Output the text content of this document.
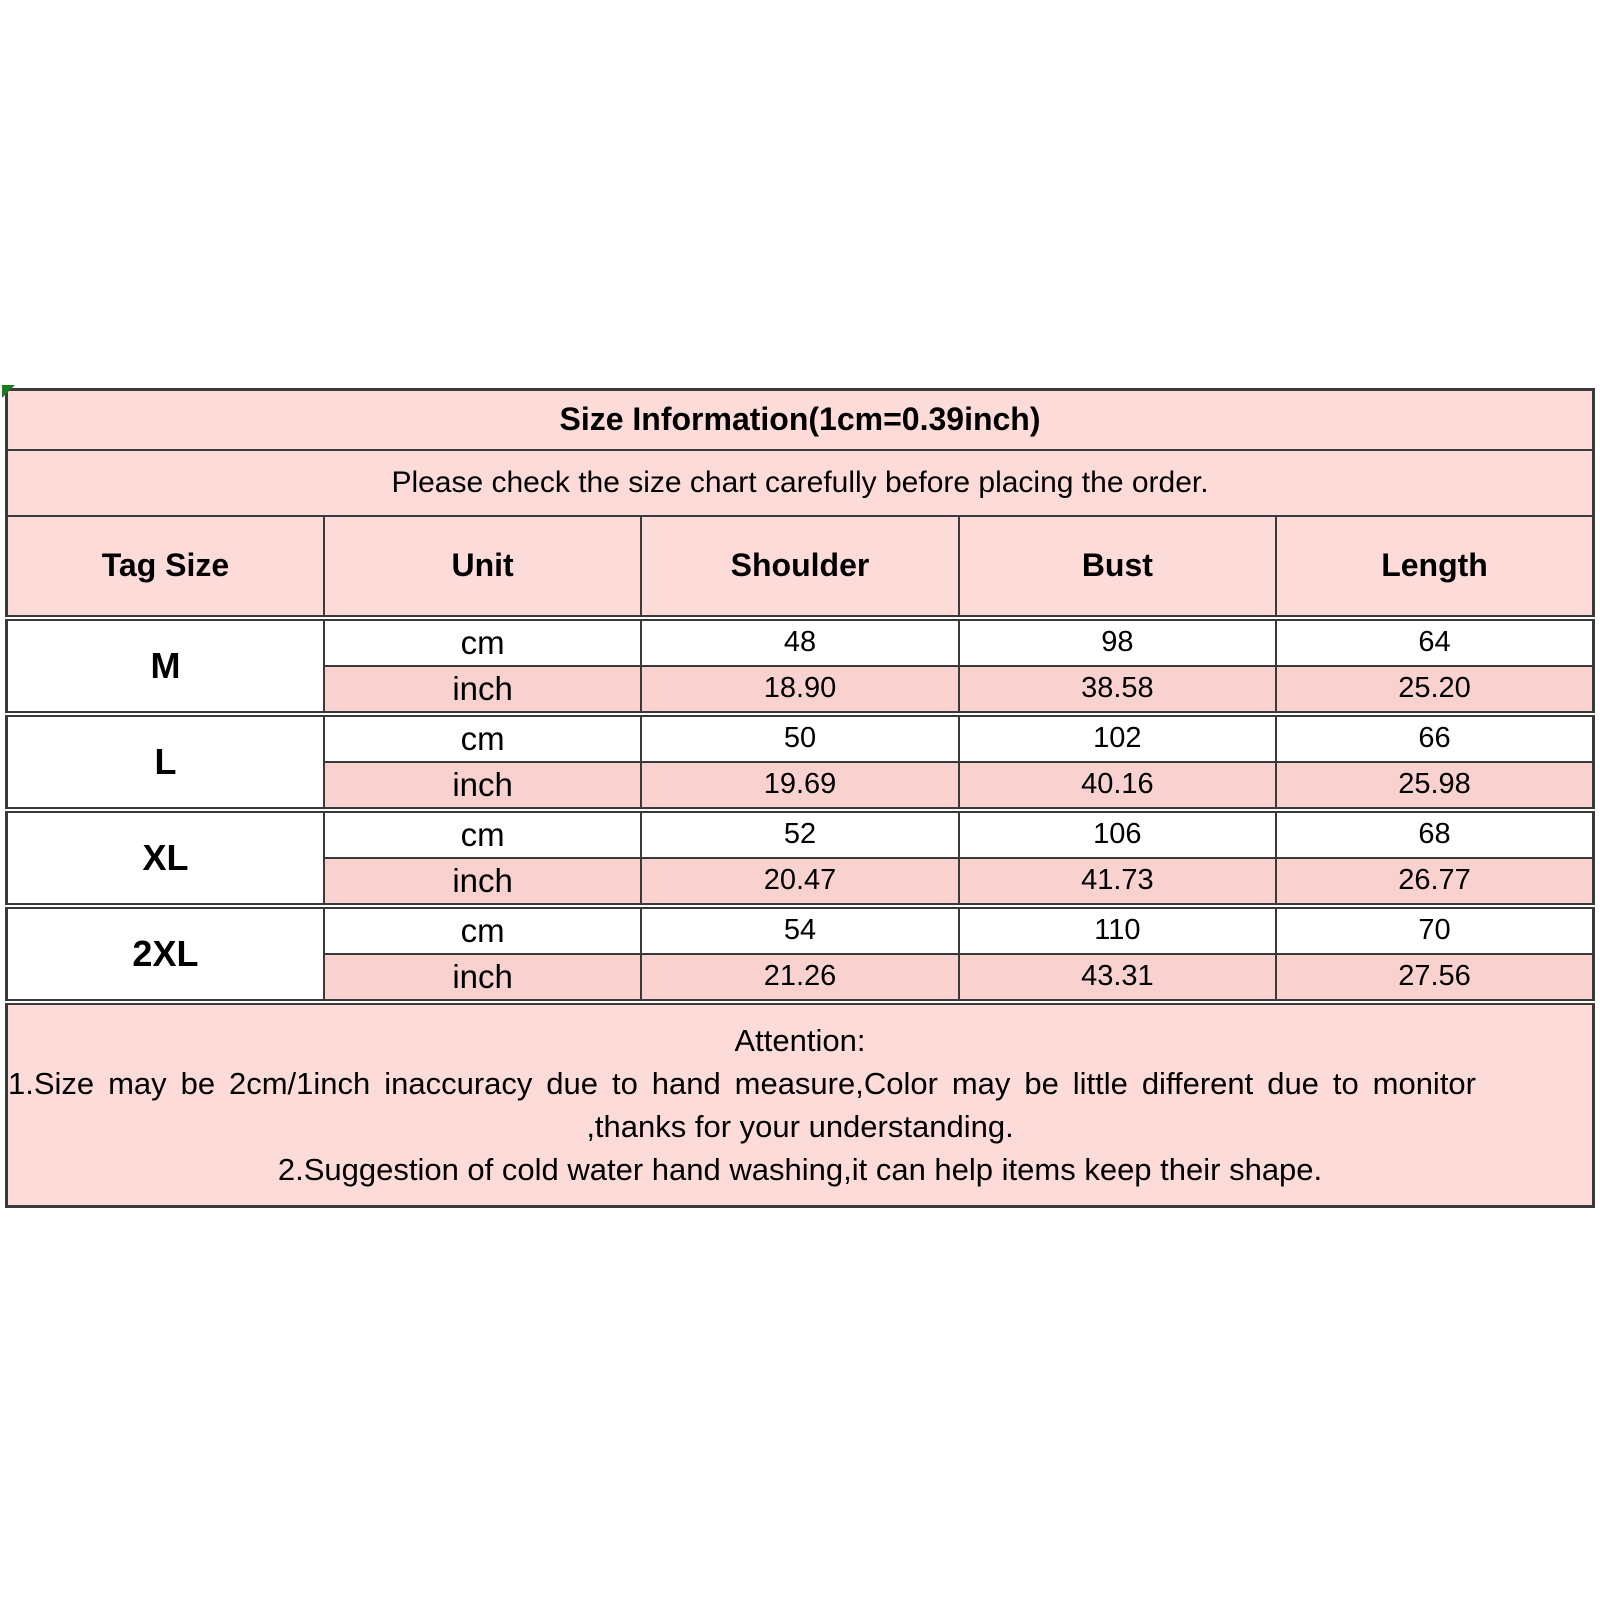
Size Information(1cm=0.39inch)				
Please check the size chart carefully before placing the order.				
Tag Size	Unit	Shoulder	Bust	Length
M	cm	48	98	64
	inch	18.90	38.58	25.20
L	cm	50	102	66
	inch	19.69	40.16	25.98
XL	cm	52	106	68
	inch	20.47	41.73	26.77
2XL	cm	54	110	70
	inch	21.26	43.31	27.56

Attention:
1.Size may be 2cm/1inch inaccuracy due to hand measure,Color may be little different due to monitor
,thanks for your understanding.
2.Suggestion of cold water hand washing,it can help items keep their shape.				
